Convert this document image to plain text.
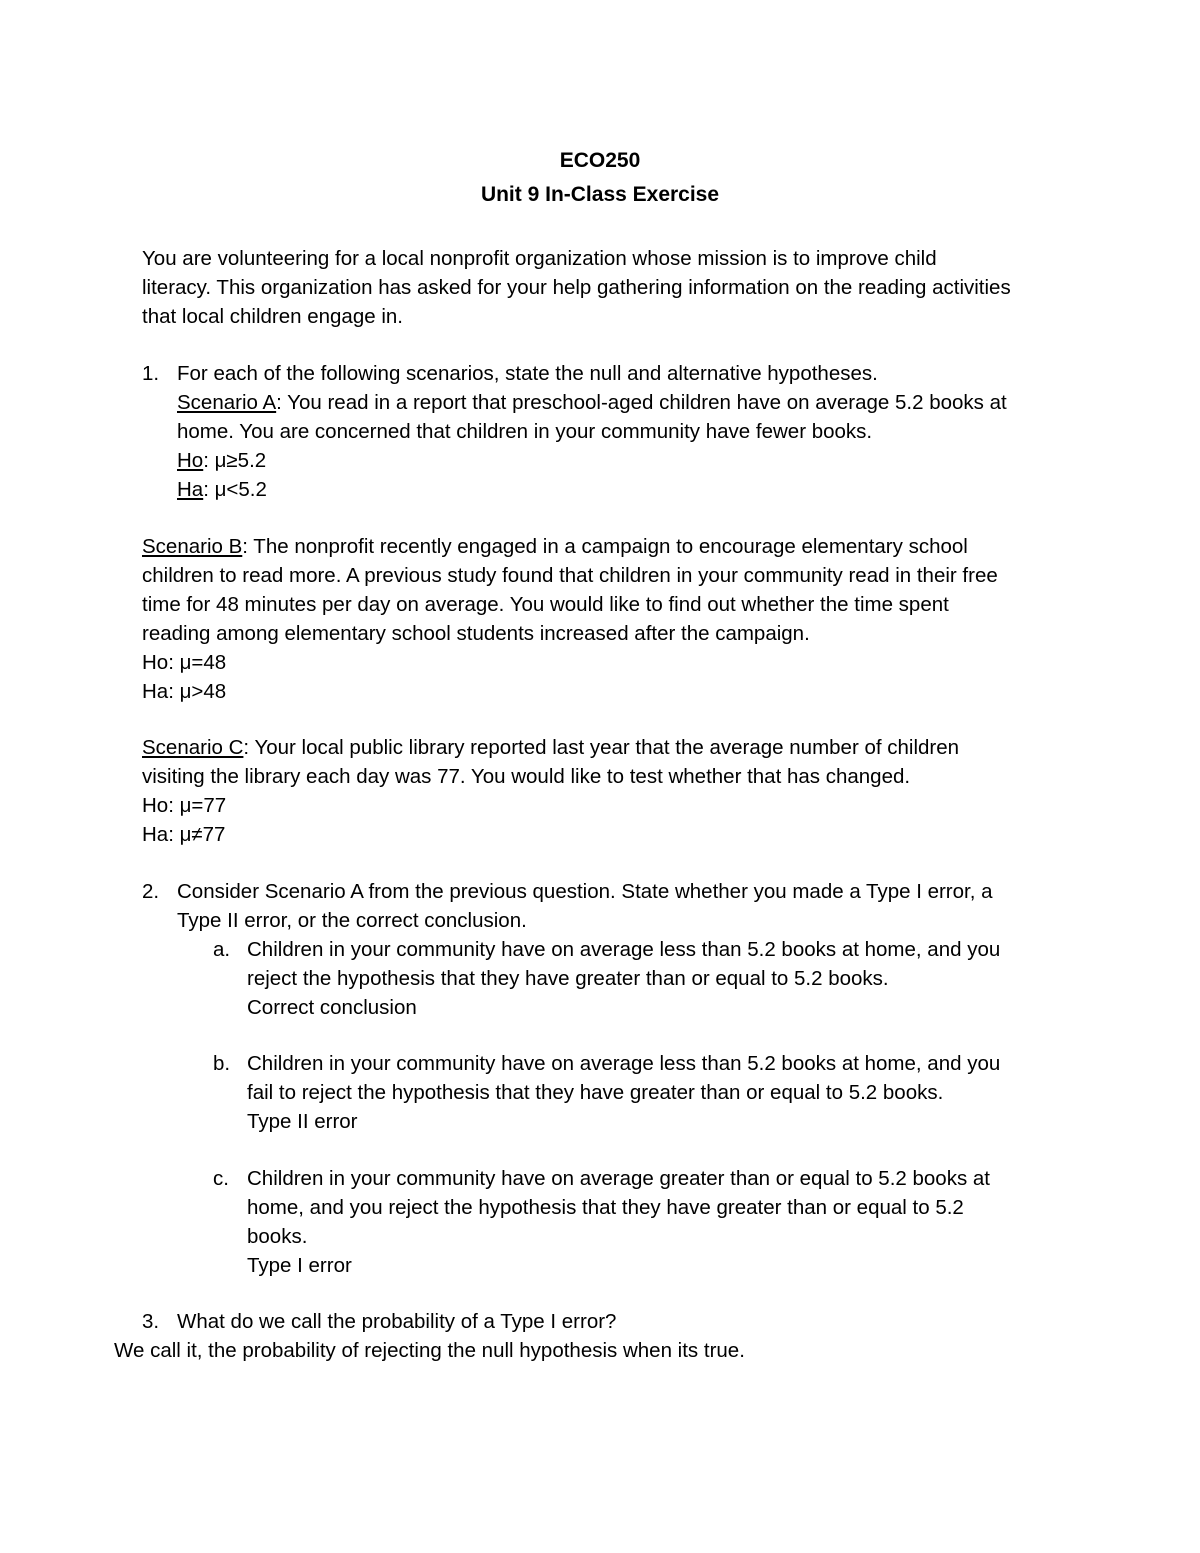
ECO250
Unit 9 In-Class Exercise
You are volunteering for a local nonprofit organization whose mission is to improve child
literacy. This organization has asked for your help gathering information on the reading activities
that local children engage in.
1. For each of the following scenarios, state the null and alternative hypotheses.
Scenario A: You read in a report that preschool-aged children have on average 5.2 books at
home. You are concerned that children in your community have fewer books.
Ho: μ≥5.2
Ha: μ<5.2
Scenario B: The nonprofit recently engaged in a campaign to encourage elementary school
children to read more. A previous study found that children in your community read in their free
time for 48 minutes per day on average. You would like to find out whether the time spent
reading among elementary school students increased after the campaign.
Ho: μ=48
Ha: μ>48
Scenario C: Your local public library reported last year that the average number of children
visiting the library each day was 77. You would like to test whether that has changed.
Ho: μ=77
Ha: μ≠77
2. Consider Scenario A from the previous question. State whether you made a Type I error, a
Type II error, or the correct conclusion.
a. Children in your community have on average less than 5.2 books at home, and you
reject the hypothesis that they have greater than or equal to 5.2 books.
Correct conclusion
b. Children in your community have on average less than 5.2 books at home, and you
fail to reject the hypothesis that they have greater than or equal to 5.2 books.
Type II error
c. Children in your community have on average greater than or equal to 5.2 books at
home, and you reject the hypothesis that they have greater than or equal to 5.2
books.
Type I error
3. What do we call the probability of a Type I error?
We call it, the probability of rejecting the null hypothesis when its true.
